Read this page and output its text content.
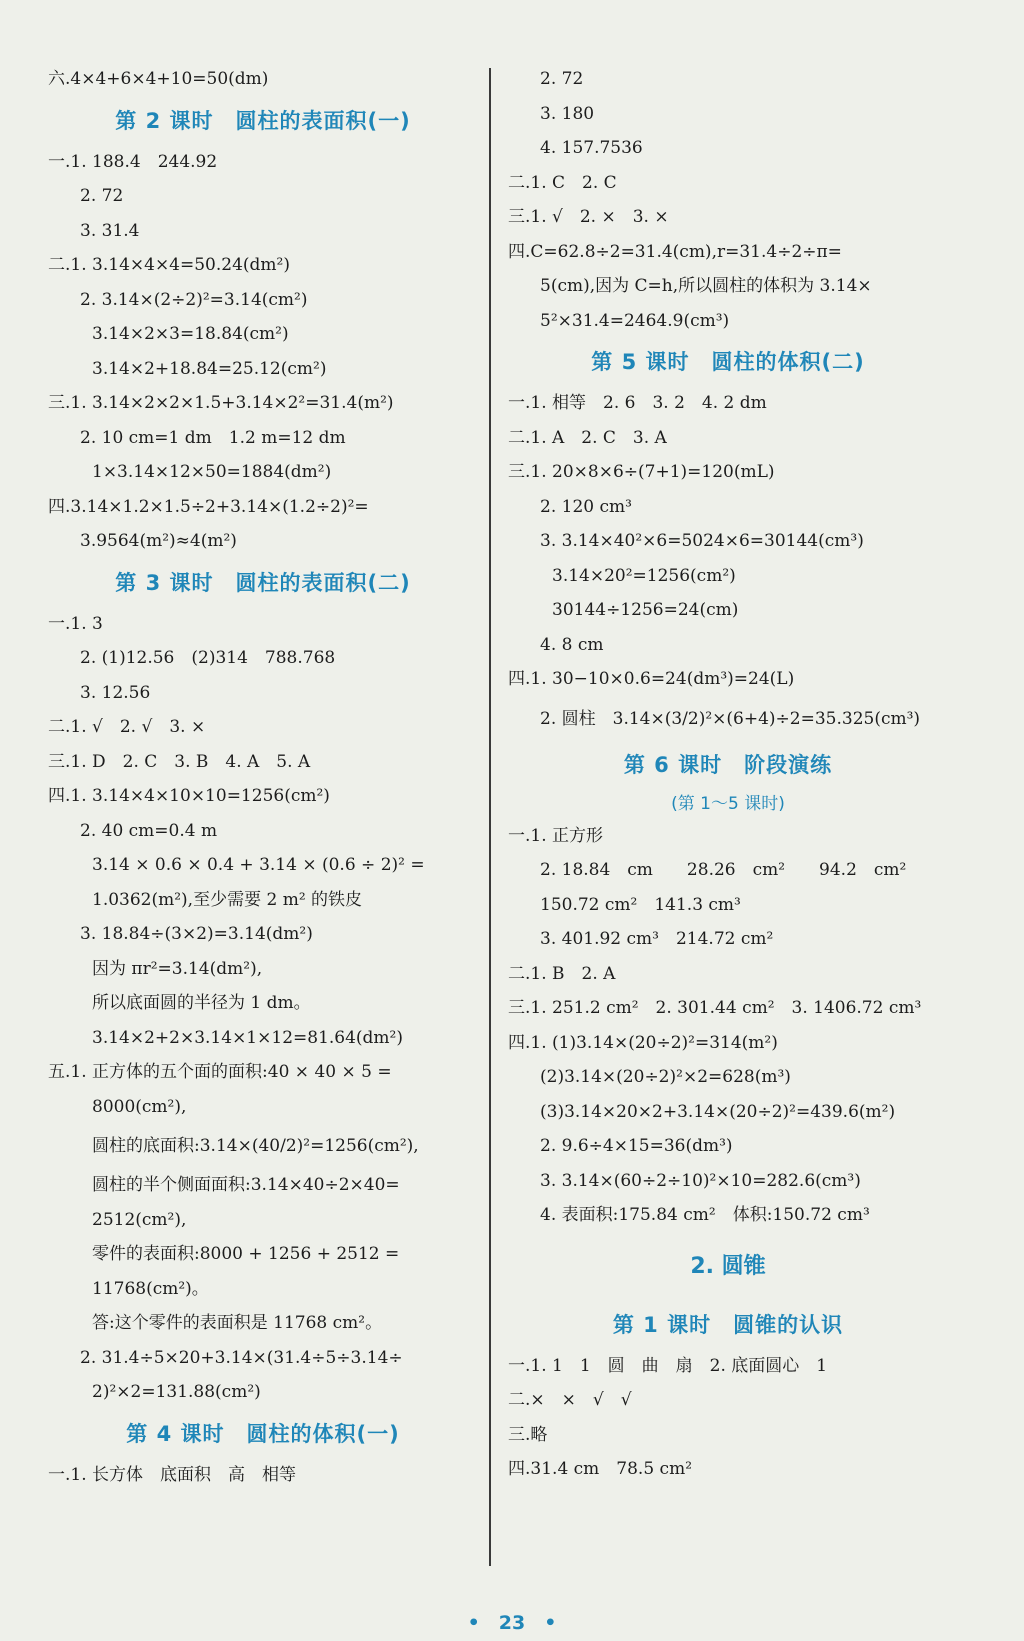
六.4×4+6×4+10=50(dm)
第 2 课时　圆柱的表面积(一)
一.1. 188.4　244.92
2. 72
3. 31.4
二.1. 3.14×4×4=50.24(dm²)
2. 3.14×(2÷2)²=3.14(cm²)
3.14×2×3=18.84(cm²)
3.14×2+18.84=25.12(cm²)
三.1. 3.14×2×2×1.5+3.14×2²=31.4(m²)
2. 10 cm=1 dm　1.2 m=12 dm
1×3.14×12×50=1884(dm²)
四.3.14×1.2×1.5÷2+3.14×(1.2÷2)²=
3.9564(m²)≈4(m²)
第 3 课时　圆柱的表面积(二)
一.1. 3
2. (1)12.56　(2)314　788.768
3. 12.56
二.1. √　2. √　3. ×
三.1. D　2. C　3. B　4. A　5. A
四.1. 3.14×4×10×10=1256(cm²)
2. 40 cm=0.4 m
3.14 × 0.6 × 0.4 + 3.14 × (0.6 ÷ 2)² =
1.0362(m²),至少需要 2 m² 的铁皮
3. 18.84÷(3×2)=3.14(dm²)
因为 πr²=3.14(dm²),
所以底面圆的半径为 1 dm。
3.14×2+2×3.14×1×12=81.64(dm²)
五.1. 正方体的五个面的面积:40 × 40 × 5 =
8000(cm²),
圆柱的底面积:3.14×(40/2)²=1256(cm²),
圆柱的半个侧面面积:3.14×40÷2×40=
2512(cm²),
零件的表面积:8000 + 1256 + 2512 =
11768(cm²)。
答:这个零件的表面积是 11768 cm²。
2. 31.4÷5×20+3.14×(31.4÷5÷3.14÷
2)²×2=131.88(cm²)
第 4 课时　圆柱的体积(一)
一.1. 长方体　底面积　高　相等
2. 72
3. 180
4. 157.7536
二.1. C　2. C
三.1. √　2. ×　3. ×
四.C=62.8÷2=31.4(cm),r=31.4÷2÷π=
5(cm),因为 C=h,所以圆柱的体积为 3.14×
5²×31.4=2464.9(cm³)
第 5 课时　圆柱的体积(二)
一.1. 相等　2. 6　3. 2　4. 2 dm
二.1. A　2. C　3. A
三.1. 20×8×6÷(7+1)=120(mL)
2. 120 cm³
3. 3.14×40²×6=5024×6=30144(cm³)
3.14×20²=1256(cm²)
30144÷1256=24(cm)
4. 8 cm
四.1. 30−10×0.6=24(dm³)=24(L)
2. 圆柱　3.14×(3/2)²×(6+4)÷2=35.325(cm³)
第 6 课时　阶段演练
(第 1～5 课时)
一.1. 正方形
2. 18.84　cm　　28.26　cm²　　94.2　cm²
150.72 cm²　141.3 cm³
3. 401.92 cm³　214.72 cm²
二.1. B　2. A
三.1. 251.2 cm²　2. 301.44 cm²　3. 1406.72 cm³
四.1. (1)3.14×(20÷2)²=314(m²)
(2)3.14×(20÷2)²×2=628(m³)
(3)3.14×20×2+3.14×(20÷2)²=439.6(m²)
2. 9.6÷4×15=36(dm³)
3. 3.14×(60÷2÷10)²×10=282.6(cm³)
4. 表面积:175.84 cm²　体积:150.72 cm³
2. 圆锥
第 1 课时　圆锥的认识
一.1. 1　1　圆　曲　扇　2. 底面圆心　1
二.×　×　√　√
三.略
四.31.4 cm　78.5 cm²
•　23　•
